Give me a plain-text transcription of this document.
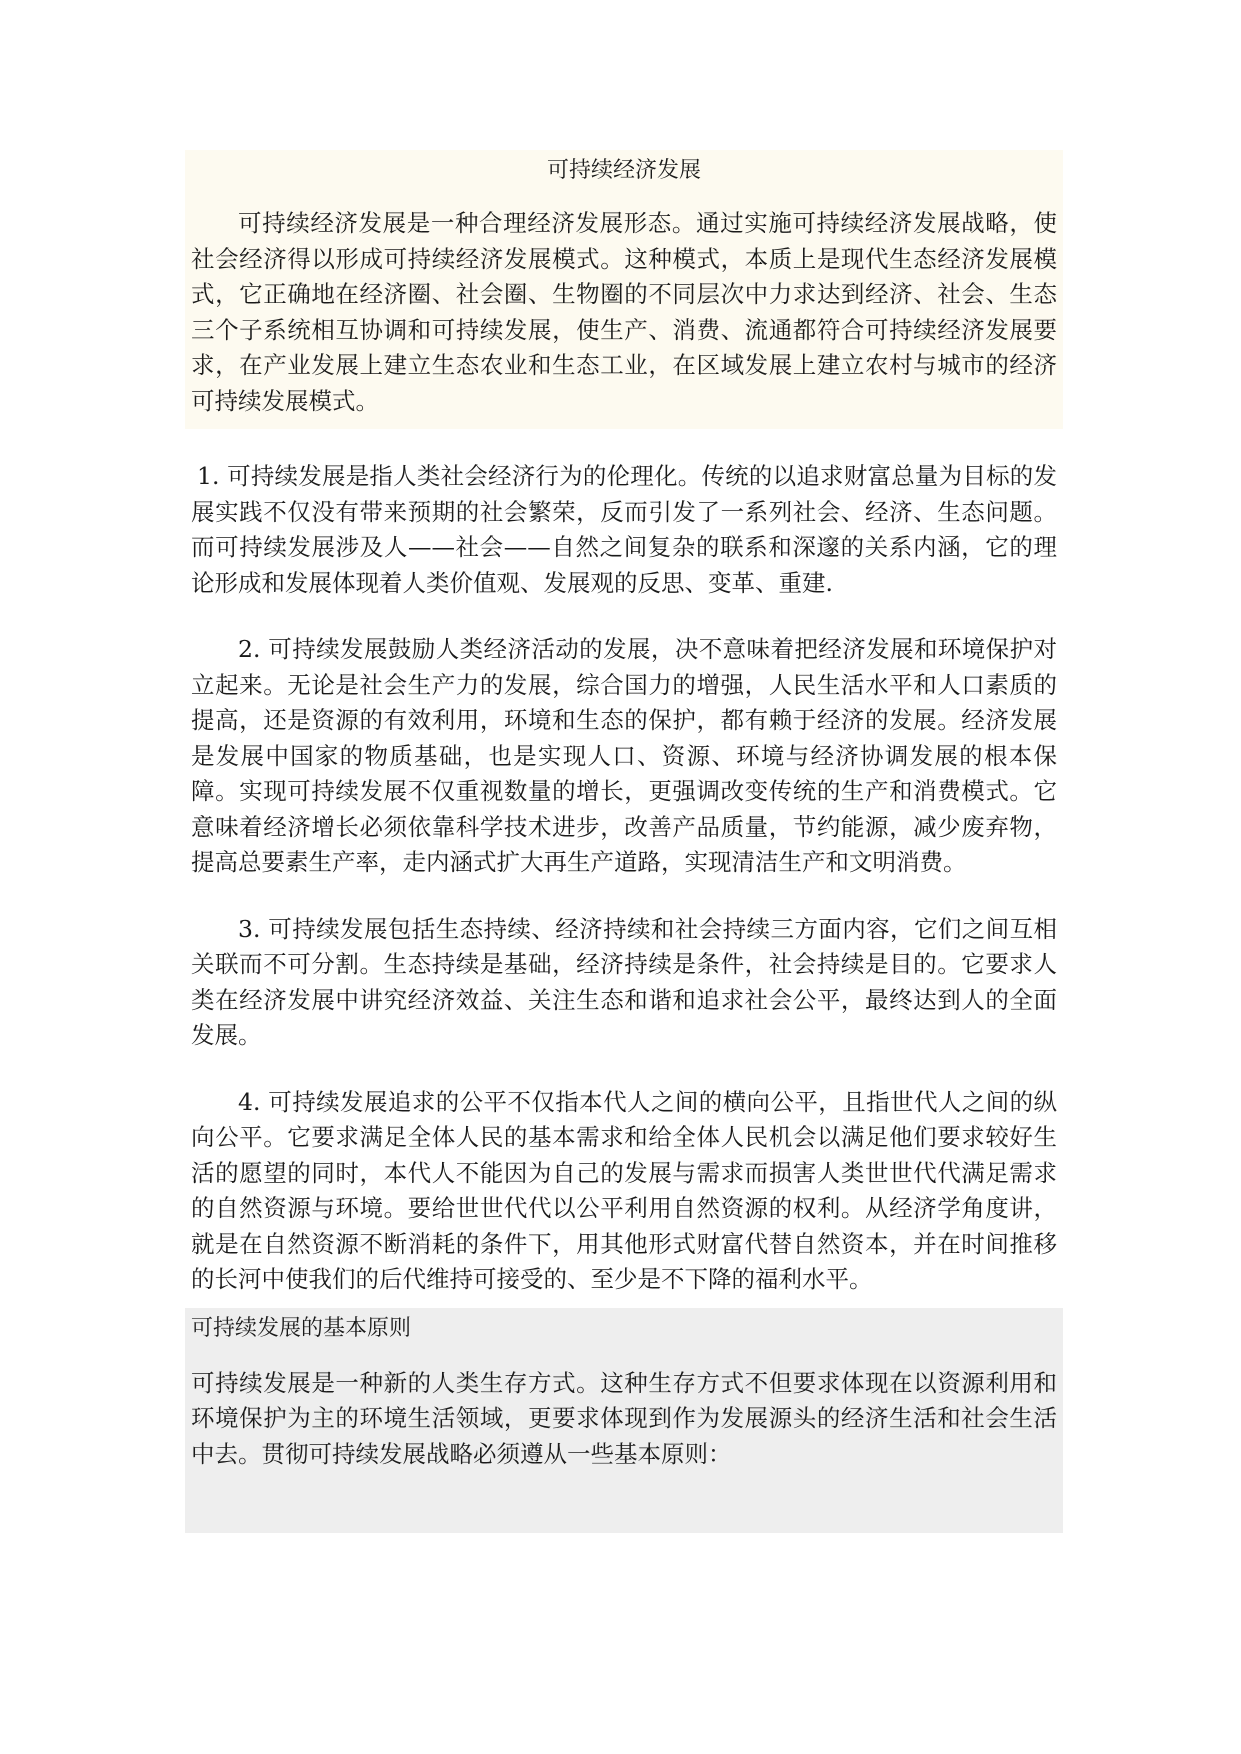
可持续经济发展

可持续经济发展是一种合理经济发展形态。通过实施可持续经济发展战略，使社会经济得以形成可持续经济发展模式。这种模式，本质上是现代生态经济发展模式，它正确地在经济圈、社会圈、生物圈的不同层次中力求达到经济、社会、生态三个子系统相互协调和可持续发展，使生产、消费、流通都符合可持续经济发展要求，在产业发展上建立生态农业和生态工业，在区域发展上建立农村与城市的经济可持续发展模式。

1. 可持续发展是指人类社会经济行为的伦理化。传统的以追求财富总量为目标的发展实践不仅没有带来预期的社会繁荣，反而引发了一系列社会、经济、生态问题。而可持续发展涉及人——社会——自然之间复杂的联系和深邃的关系内涵，它的理论形成和发展体现着人类价值观、发展观的反思、变革、重建.

2. 可持续发展鼓励人类经济活动的发展，决不意味着把经济发展和环境保护对立起来。无论是社会生产力的发展，综合国力的增强，人民生活水平和人口素质的提高，还是资源的有效利用，环境和生态的保护，都有赖于经济的发展。经济发展是发展中国家的物质基础，也是实现人口、资源、环境与经济协调发展的根本保障。实现可持续发展不仅重视数量的增长，更强调改变传统的生产和消费模式。它意味着经济增长必须依靠科学技术进步，改善产品质量，节约能源，减少废弃物，提高总要素生产率，走内涵式扩大再生产道路，实现清洁生产和文明消费。

3. 可持续发展包括生态持续、经济持续和社会持续三方面内容，它们之间互相关联而不可分割。生态持续是基础，经济持续是条件，社会持续是目的。它要求人类在经济发展中讲究经济效益、关注生态和谐和追求社会公平，最终达到人的全面发展。

4. 可持续发展追求的公平不仅指本代人之间的横向公平，且指世代人之间的纵向公平。它要求满足全体人民的基本需求和给全体人民机会以满足他们要求较好生活的愿望的同时，本代人不能因为自己的发展与需求而损害人类世世代代满足需求的自然资源与环境。要给世世代代以公平利用自然资源的权利。从经济学角度讲，就是在自然资源不断消耗的条件下，用其他形式财富代替自然资本，并在时间推移的长河中使我们的后代维持可接受的、至少是不下降的福利水平。

可持续发展的基本原则

可持续发展是一种新的人类生存方式。这种生存方式不但要求体现在以资源利用和环境保护为主的环境生活领域，更要求体现到作为发展源头的经济生活和社会生活中去。贯彻可持续发展战略必须遵从一些基本原则：
